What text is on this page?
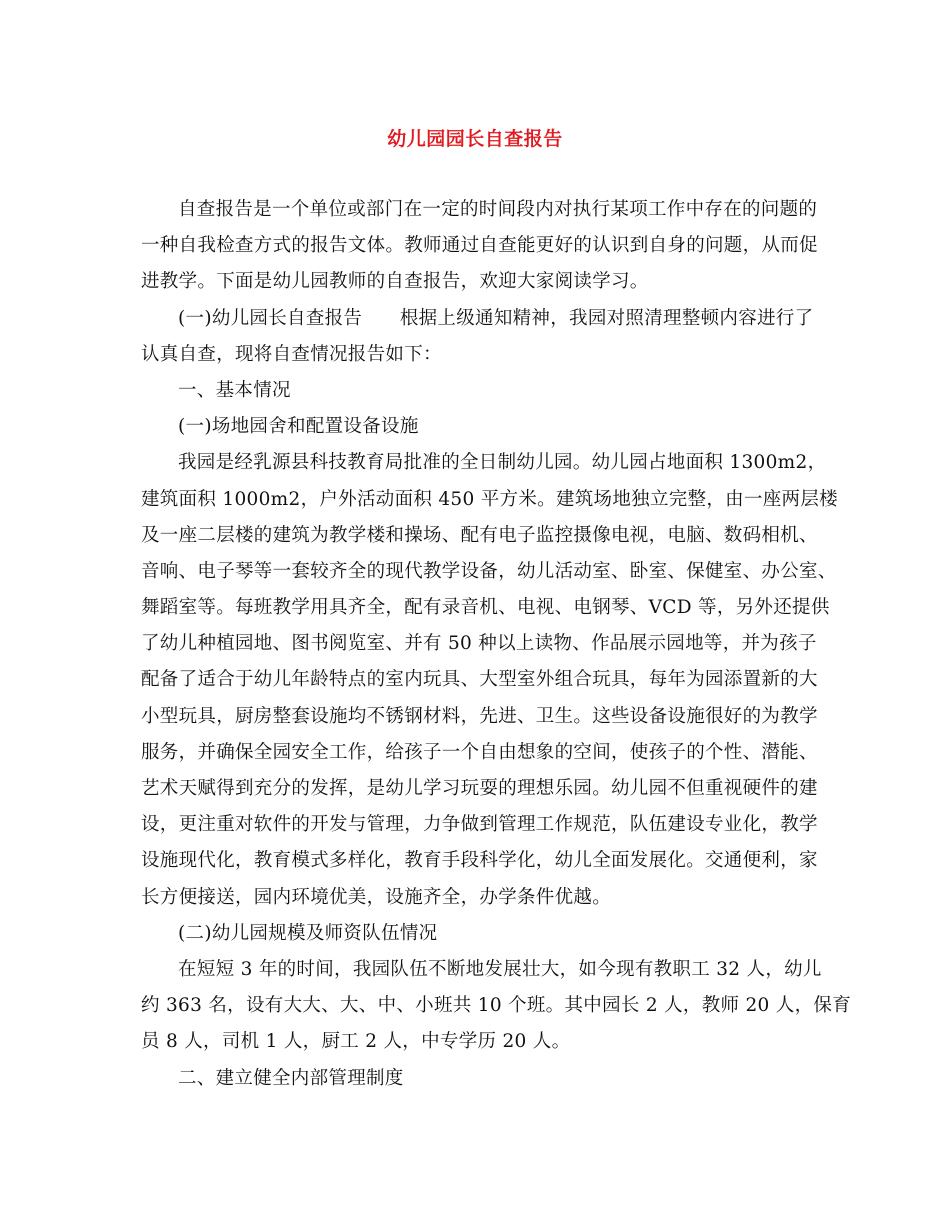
幼儿园园长自查报告
自查报告是一个单位或部门在一定的时间段内对执行某项工作中存在的问题的
一种自我检查方式的报告文体。教师通过自查能更好的认识到自身的问题，从而促
进教学。下面是幼儿园教师的自查报告，欢迎大家阅读学习。
(一)幼儿园长自查报告　　根据上级通知精神，我园对照清理整顿内容进行了
认真自查，现将自查情况报告如下：
一、基本情况
(一)场地园舍和配置设备设施
我园是经乳源县科技教育局批准的全日制幼儿园。幼儿园占地面积 1300m2，
建筑面积 1000m2，户外活动面积 450 平方米。建筑场地独立完整，由一座两层楼
及一座二层楼的建筑为教学楼和操场、配有电子监控摄像电视，电脑、数码相机、
音响、电子琴等一套较齐全的现代教学设备，幼儿活动室、卧室、保健室、办公室、
舞蹈室等。每班教学用具齐全，配有录音机、电视、电钢琴、VCD 等，另外还提供
了幼儿种植园地、图书阅览室、并有 50 种以上读物、作品展示园地等，并为孩子
配备了适合于幼儿年龄特点的室内玩具、大型室外组合玩具，每年为园添置新的大
小型玩具，厨房整套设施均不锈钢材料，先进、卫生。这些设备设施很好的为教学
服务，并确保全园安全工作，给孩子一个自由想象的空间，使孩子的个性、潜能、
艺术天赋得到充分的发挥，是幼儿学习玩耍的理想乐园。幼儿园不但重视硬件的建
设，更注重对软件的开发与管理，力争做到管理工作规范，队伍建设专业化，教学
设施现代化，教育模式多样化，教育手段科学化，幼儿全面发展化。交通便利，家
长方便接送，园内环境优美，设施齐全，办学条件优越。
(二)幼儿园规模及师资队伍情况
在短短 3 年的时间，我园队伍不断地发展壮大，如今现有教职工 32 人，幼儿
约 363 名，设有大大、大、中、小班共 10 个班。其中园长 2 人，教师 20 人，保育
员 8 人，司机 1 人，厨工 2 人，中专学历 20 人。
二、建立健全内部管理制度
